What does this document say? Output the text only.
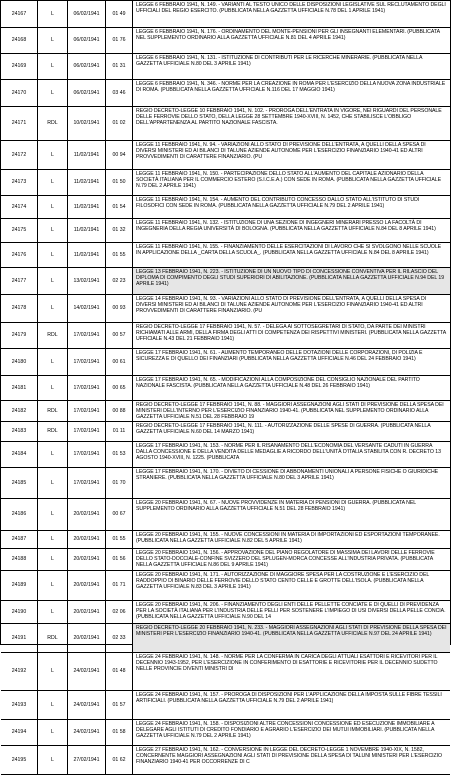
24167	L	06/02/1941	01 49
LEGGE 6 FEBBRAIO 1941, N. 149. - VARIANTI AL TESTO UNICO DELLE DISPOSIZIONI LEGISLATIVE SUL RECLUTAMENTO DEGLI UFFICIALI DEL REGIO ESERCITO. (PUBBLICATA NELLA GAZZETTA UFFICIALE N.78 DEL 1 APRILE 1941)
24168	L	06/02/1941	01 76
LEGGE 6 FEBBRAIO 1941, N. 176. - ORDINAMENTO DEL MONTE-PENSIONI PER GLI INSEGNANTI ELEMENTARI. (PUBBLICATA NEL SUPPLEMENTO ORDINARIO ALLA GAZZETTA UFFICIALE N.81 DEL 4 APRILE 1941)
24169	L	06/02/1941	01 31
LEGGE 6 FEBBRAIO 1941, N. 131. - ISTITUZIONE DI CONTRIBUTI PER LE RICERCHE MINERARIE. (PUBBLICATA NELLA GAZZETTA UFFICIALE N.80 DEL 3 APRILE 1941)
24170	L	06/02/1941	03 46
LEGGE 6 FEBBRAIO 1941, N. 346. - NORME PER LA CREAZIONE IN ROMA PER L'ESERCIZIO DELLA NUOVA ZONA INDUSTRIALE DI ROMA. (PUBBLICATA NELLA GAZZETTA UFFICIALE N.116 DEL 17 MAGGIO 1941)
24171	RDL	10/02/1941	01 02
REGIO DECRETO-LEGGE 10 FEBBRAIO 1941, N. 102. - PROROGA DELL'ENTRATA IN VIGORE, NEI RIGUARDI DEL PERSONALE DELLE FERROVIE DELLO STATO, DELLA LEGGE 28 SETTEMBRE 1940-XVIII, N. 1452, CHE STABILISCE L'OBBLIGO DELL'APPARTENENZA AL PARTITO NAZIONALE FASCISTA.
24172	L	11/02/1941	00 94
LEGGE 11 FEBBRAIO 1941, N. 94. - VARIAZIONI ALLO STATO DI PREVISIONE DELL'ENTRATA, A QUELLI DELLA SPESA DI DIVERSI MINISTERI ED AI BILANCI DI TALUNE AZIENDE AUTONOME PER L'ESERCIZIO FINANZIARIO 1940-41 ED ALTRI PROVVEDIMENTI DI CARATTERE FINANZIARIO. (PU
24173	L	11/02/1941	01 50
LEGGE 11 FEBBRAIO 1941, N. 150. - PARTECIPAZIONE DELLO STATO ALL'AUMENTO DEL CAPITALE AZIONARIO DELLA SOCIETÀ ITALIANA PER IL COMMERCIO ESTERO (S.I.C.E.A.) CON SEDE IN ROMA. (PUBBLICATA NELLA GAZZETTA UFFICIALE N.79 DEL 2 APRILE 1941)
24174	L	11/02/1941	01 54
LEGGE 11 FEBBRAIO 1941, N. 154. - AUMENTO DEL CONTRIBUTO CONCESSO DALLO STATO ALL'ISTITUTO DI STUDI FILOSOFICI CON SEDE IN ROMA. (PUBBLICATA NELLA GAZZETTA UFFICIALE N.79 DEL 2 APRILE 1941)
24175	L	11/02/1941	01 32
LEGGE 11 FEBBRAIO 1941, N. 132. - ISTITUZIONE DI UNA SEZIONE DI INGEGNERI MINERARI PRESSO LA FACOLTÀ DI INGEGNERIA DELLA REGIA UNIVERSITÀ DI BOLOGNA. (PUBBLICATA NELLA GAZZETTA UFFICIALE N.84 DEL 8 APRILE 1941)
24176	L	11/02/1941	01 55
LEGGE 11 FEBBRAIO 1941, N. 155. - FINANZIAMENTO DELLE ESERCITAZIONI DI LAVORO CHE SI SVOLGONO NELLE SCUOLE IN APPLICAZIONE DELLA _CARTA DELLA SCUOLA_. (PUBBLICATA NELLA GAZZETTA UFFICIALE N.84 DEL 8 APRILE 1941)
24177	L	13/02/1941	02 23
LEGGE 13 FEBBRAIO 1941, N. 223. - ISTITUZIONE DI UN NUOVO TIPO DI CONCESSIONE CONVENTIVA PER IL RILASCIO DEL DIPLOMA DI COMPIMENTO DEGLI STUDI SUPERIORI DI ABILITAZIONE. (PUBBLICATA NELLA GAZZETTA UFFICIALE N.94 DEL 19 APRILE 1941)
24178	L	14/02/1941	00 93
LEGGE 14 FEBBRAIO 1941, N. 93. - VARIAZIONI ALLO STATO DI PREVISIONE DELL'ENTRATA, A QUELLI DELLA SPESA DI DIVERSI MINISTERI ED AI BILANCI DI TALUNE AZIENDE AUTONOME PER L'ESERCIZIO FINANZIARIO 1940-41 ED ALTRI PROVVEDIMENTI DI CARATTERE FINANZIARIO. (PU
24179	RDL	17/02/1941	00 57
REGIO DECRETO-LEGGE 17 FEBBRAIO 1941, N. 57. - DELEGA AI SOTTOSEGRETARI DI STATO, DA PARTE DEI MINISTRI RICHIAMATI ALLE ARMI, DELLA FIRMA DEGLI ATTI DI COMPETENZA DEI RISPETTIVI MINISTERI. (PUBBLICATA NELLA GAZZETTA UFFICIALE N.43 DEL 21 FEBBRAIO 1941)
24180	L	17/02/1941	00 61
LEGGE 17 FEBBRAIO 1941, N. 61. - AUMENTO TEMPORANEO DELLE DOTAZIONI DELLE CORPORAZIONI, DI POLIZIA E SICUREZZA E DI QUELLO DEI FINANZIARI (PUBBLICATA NELLA GAZZETTA UFFICIALE N.46 DEL 24 FEBBRAIO 1941)
24181	L	17/02/1941	00 65
LEGGE 17 FEBBRAIO 1941, N. 65. - MODIFICAZIONI ALLA COMPOSIZIONE DEL CONSIGLIO NAZIONALE DEL PARTITO NAZIONALE FASCISTA. (PUBBLICATA NELLA GAZZETTA UFFICIALE N.48 DEL 26 FEBBRAIO 1941)
24182	RDL	17/02/1941	00 88
REGIO DECRETO-LEGGE 17 FEBBRAIO 1941, N. 88. - MAGGIORI ASSEGNAZIONI AGLI STATI DI PREVISIONE DELLA SPESA DEI MINISTERI DELL'INTERNO PER L'ESERCIZIO FINANZIARIO 1940-41. (PUBBLICATA NEL SUPPLEMENTO ORDINARIO ALLA GAZZETTA UFFICIALE N.51 DEL 28 FEBBRAIO 19
24183	RDL	17/02/1941	01 11
REGIO DECRETO-LEGGE 17 FEBBRAIO 1941, N. 111. - AUTORIZZAZIONE DELLE SPESE DI GUERRA. (PUBBLICATA NELLA GAZZETTA UFFICIALE N.60 DEL 14 MARZO 1941)
24184	L	17/02/1941	01 53
LEGGE 17 FEBBRAIO 1941, N. 153. - NORME PER IL RISANAMENTO DELL'ECONOMIA DEL VERSANTE CADUTI IN GUERRA DALLA CONCESSIONE E DELLA VENDITA DELLE MEDAGLIE A RICORDO DELL'UNITÀ D'ITALIA STABILITA CON R. DECRETO 13 AGOSTO 1940-XVIII, N. 1225. (PUBBLICATA
24185	L	17/02/1941	01 70
LEGGE 17 FEBBRAIO 1941, N. 170. - DIVIETO DI CESSIONE DI ABBONAMENTI UNIONALI A PERSONE FISICHE O GIURIDICHE STRANIERE. (PUBBLICATA NELLA GAZZETTA UFFICIALE N.80 DEL 3 APRILE 1941)
24186	L	20/02/1941	00 67
LEGGE 20 FEBBRAIO 1941, N. 67. - NUOVE PROVVIDENZE IN MATERIA DI PENSIONI DI GUERRA. (PUBBLICATA NEL SUPPLEMENTO ORDINARIO ALLA GAZZETTA UFFICIALE N.51 DEL 28 FEBBRAIO 1941)
24187	L	20/02/1941	01 55
LEGGE 20 FEBBRAIO 1941, N. 155. - NUOVE CONCESSIONI IN MATERIA DI IMPORTAZIONI ED ESPORTAZIONI TEMPORANEE. (PUBBLICATA NELLA GAZZETTA UFFICIALE N.82 DEL 5 APRILE 1941)
24188	L	20/02/1941	01 56
LEGGE 20 FEBBRAIO 1941, N. 156. - APPROVAZIONE DEL PIANO REGOLATORE DI MASSIMA DEI LAVORI DELLE FERROVIE DELLO STATO-DOCCIALE-CONFINE SVIZZERO DEL SPLUGEN-MORCA CONCESSE ALL'INDUSTRIA PRIVATA. (PUBBLICATA NELLA GAZZETTA UFFICIALE N.86 DEL 9 APRILE 1941)
24189	L	20/02/1941	01 71
LEGGE 20 FEBBRAIO 1941, N. 171. - AUTORIZZAZIONE DI MAGGIORE SPESA PER LA COSTRUZIONE E L'ESERCIZIO DEL RADDOPPIO DI BINARIO DELLE FERROVIE DELLO STATO CENTO CELLE E GROTTE DELL'ISOLA. (PUBBLICATA NELLA GAZZETTA UFFICIALE N.83 DEL 3 APRILE 1941)
24190	L	20/02/1941	02 06
LEGGE 20 FEBBRAIO 1941, N. 206. - FINANZIAMENTO DEGLI ENTI DELLE PELLETTE CONCIATE E DI QUELLI DI PREVIDENZA PER LA SOCIETÀ ITALIANA PER L'INDUSTRIA DELLE PELLI PER SOSTENERE L'IMPIEGO DI USI DIVERSI DELLA PELLE CONCIA. (PUBBLICATA NELLA GAZZETTA UFFICIALE N.90 DEL 14
24191	RDL	20/02/1941	02 33
REGIO DECRETO-LEGGE 20 FEBBRAIO 1941, N. 233. - MAGGIORI ASSEGNAZIONI AGLI STATI DI PREVISIONE DELLA SPESA DEI MINISTERI PER L'ESERCIZIO FINANZIARIO 1940-41. (PUBBLICATA NELLA GAZZETTA UFFICIALE N.97 DEL 24 APRILE 1941)
24192	L	24/02/1941	01 48
LEGGE 24 FEBBRAIO 1941, N. 148. - NORME PER LA CONFERMA IN CARICA DEGLI ATTUALI ESATTORI E RICEVITORI PER IL DECENNIO 1943-1952, PER L'ESERCIZIONE IN CONFERIMENTO DI ESATTORIE E RICEVITORIE PER IL DECENNIO SUDETTO NELLE PROVINCIE DIVENTI MINISTRI DI
24193	L	24/02/1941	01 57
LEGGE 24 FEBBRAIO 1941, N. 157. - PROROGA DI DISPOSIZIONI PER L'APPLICAZIONE DELLA IMPOSTA SULLE FIBRE TESSILI ARTIFICIALI. (PUBBLICATA NELLA GAZZETTA UFFICIALE N.79 DEL 2 APRILE 1941)
24194	L	24/02/1941	01 58
LEGGE 24 FEBBRAIO 1941, N. 158. - DISPOSIZIONI ALTRE CONCESSIONI CONCESSIONE ED ESECUZIONE IMMOBILIARE A DELEGARE AGLI ISTITUTI DI CREDITO FONDIARIO E AGRARIO L'ESERCIZIO DEI MUTUI IMMOBILIARI. (PUBBLICATA NELLA GAZZETTA UFFICIALE N.79 DEL 2 APRILE 1941)
24195	L	27/02/1941	01 62
LEGGE 27 FEBBRAIO 1941, N. 162. - CONVERSIONE IN LEGGE DEL DECRETO-LEGGE 1 NOVEMBRE 1940-XIX, N. 1582, CONCERNENTE MAGGIORI ASSEGNAZIONI AGLI STATI DI PREVISIONE DELLA SPESA DI TALUNI MINISTERI PER L'ESERCIZIO FINANZIARIO 1940-41 PER OCCORRENZE DI C
